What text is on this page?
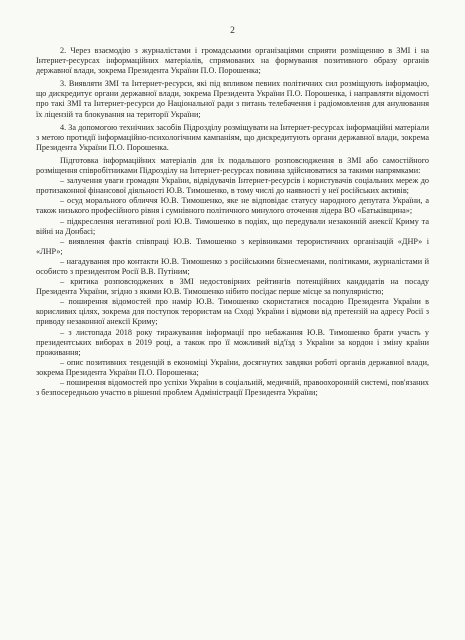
2

2. Через взаємодію з журналістами і громадськими організаціями сприяти розміщенню в ЗМІ і на Інтернет-ресурсах інформаційних матеріалів, спрямованих на формування позитивного образу органів державної влади, зокрема Президента України П.О. Порошенка;

3. Виявляти ЗМІ та Інтернет-ресурси, які під впливом певних політичних сил розміщують інформацію, що дискредитує органи державної влади, зокрема Президента України П.О. Порошенка, і направляти відомості про такі ЗМІ та Інтернет-ресурси до Національної ради з питань телебачення і радіомовлення для анулювання їх ліцензій та блокування на території України;

4. За допомогою технічних засобів Підрозділу розміщувати на Інтернет-ресурсах інформаційні матеріали з метою протидії інформаційно-психологічним кампаніям, що дискредитують органи державної влади, зокрема Президента України П.О. Порошенка.

Підготовка інформаційних матеріалів для їх подальшого розповсюдження в ЗМІ або самостійного розміщення співробітниками Підрозділу на Інтернет-ресурсах повинна здійснюватися за такими напрямками:

– залучення уваги громадян України, відвідувачів Інтернет-ресурсів і користувачів соціальних мереж до протизаконної фінансової діяльності Ю.В. Тимошенко, в тому числі до наявності у неї російських активів;

– осуд морального обличчя Ю.В. Тимошенко, яке не відповідає статусу народного депутата України, а також низького професійного рівня і сумнівного політичного минулого оточення лідера ВО «Батьківщина»;

– підкреслення негативної ролі Ю.В. Тимошенко в подіях, що передували незаконній анексії Криму та війні на Донбасі;

– виявлення фактів співпраці Ю.В. Тимошенко з керівниками терористичних організацій «ДНР» і «ЛНР»;

– нагадування про контакти Ю.В. Тимошенко з російськими бізнесменами, політиками, журналістами й особисто з президентом Росії В.В. Путіним;

– критика розповсюджених в ЗМІ недостовірних рейтингів потенційних кандидатів на посаду Президента України, згідно з якими Ю.В. Тимошенко нібито посідає перше місце за популярністю;

– поширення відомостей про намір Ю.В. Тимошенко скористатися посадою Президента України в корисливих цілях, зокрема для поступок терористам на Сході України і відмови від претензій на адресу Росії з приводу незаконної анексії Криму;

– з листопада 2018 року тиражування інформації про небажання Ю.В. Тимошенко брати участь у президентських виборах в 2019 році, а також про її можливий від'їзд з України за кордон і зміну країни проживання;

– опис позитивних тенденцій в економіці України, досягнутих завдяки роботі органів державної влади, зокрема Президента України П.О. Порошенка;

– поширення відомостей про успіхи України в соціальній, медичній, правоохоронній системі, пов'язаних з безпосередньою участю в рішенні проблем Адміністрації Президента України;
